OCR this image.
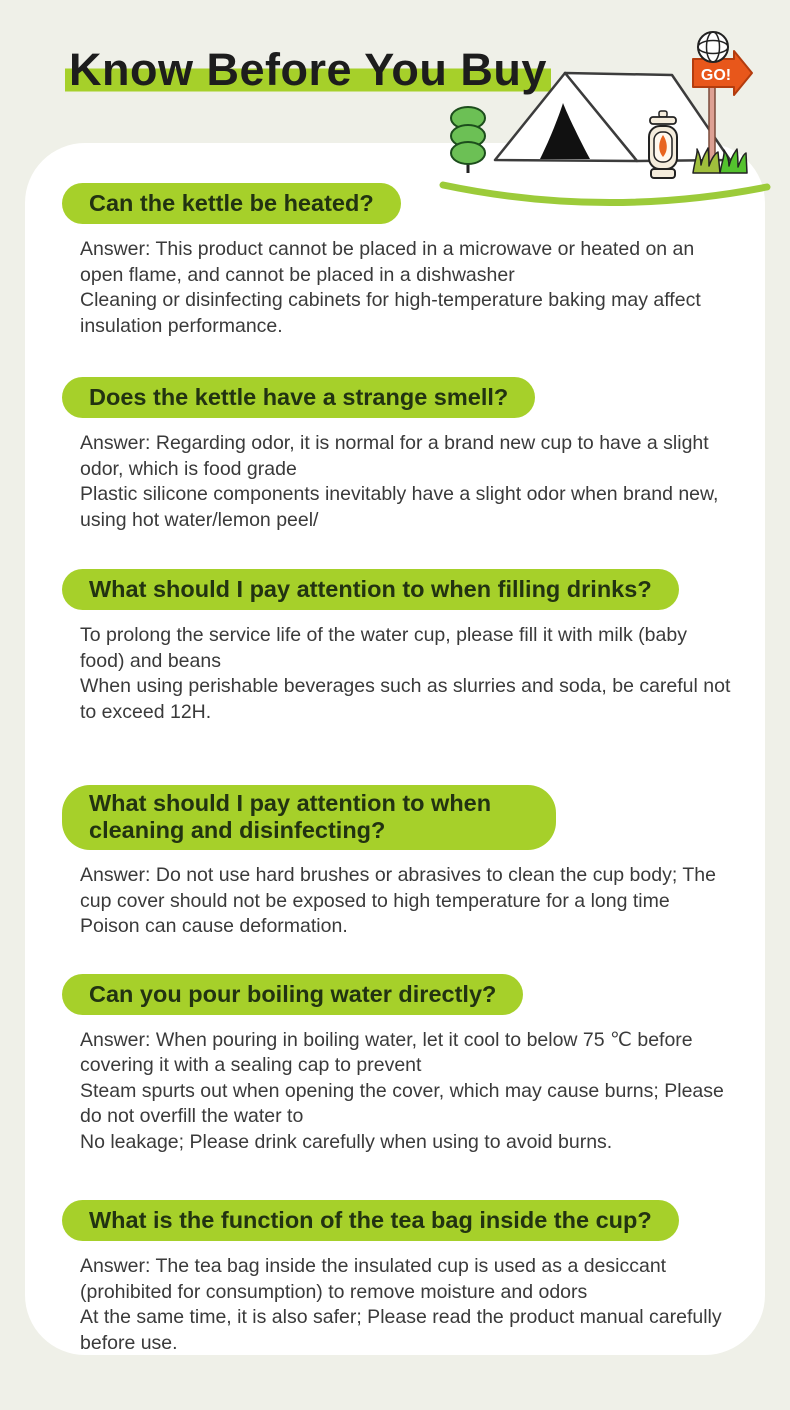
Know Before You Buy	GO!
Can the kettle be heated?

Answer: This product cannot be placed in a microwave or heated on an open flame, and cannot be placed in a dishwasher

Cleaning or disinfecting cabinets for high-temperature baking may affect insulation performance.

Does the kettle have a strange smell?

Answer: Regarding odor, it is normal for a brand new cup to have a slight odor, which is food grade

Plastic silicone components inevitably have a slight odor when brand new, using hot water/lemon peel/

What should I pay attention to when filling drinks?

To prolong the service life of the water cup, please fill it with milk (baby food) and beans

When using perishable beverages such as slurries and soda, be careful not to exceed 12H.

What should I pay attention to when cleaning and disinfecting?

Answer: Do not use hard brushes or abrasives to clean the cup body; The cup cover should not be exposed to high temperature for a long time

Poison can cause deformation.

Can you pour boiling water directly?

Answer: When pouring in boiling water, let it cool to below 75 ℃ before covering it with a sealing cap to prevent

Steam spurts out when opening the cover, which may cause burns; Please do not overfill the water to

No leakage; Please drink carefully when using to avoid burns.

What is the function of the tea bag inside the cup?

Answer: The tea bag inside the insulated cup is used as a desiccant (prohibited for consumption) to remove moisture and odors

At the same time, it is also safer; Please read the product manual carefully before use.
